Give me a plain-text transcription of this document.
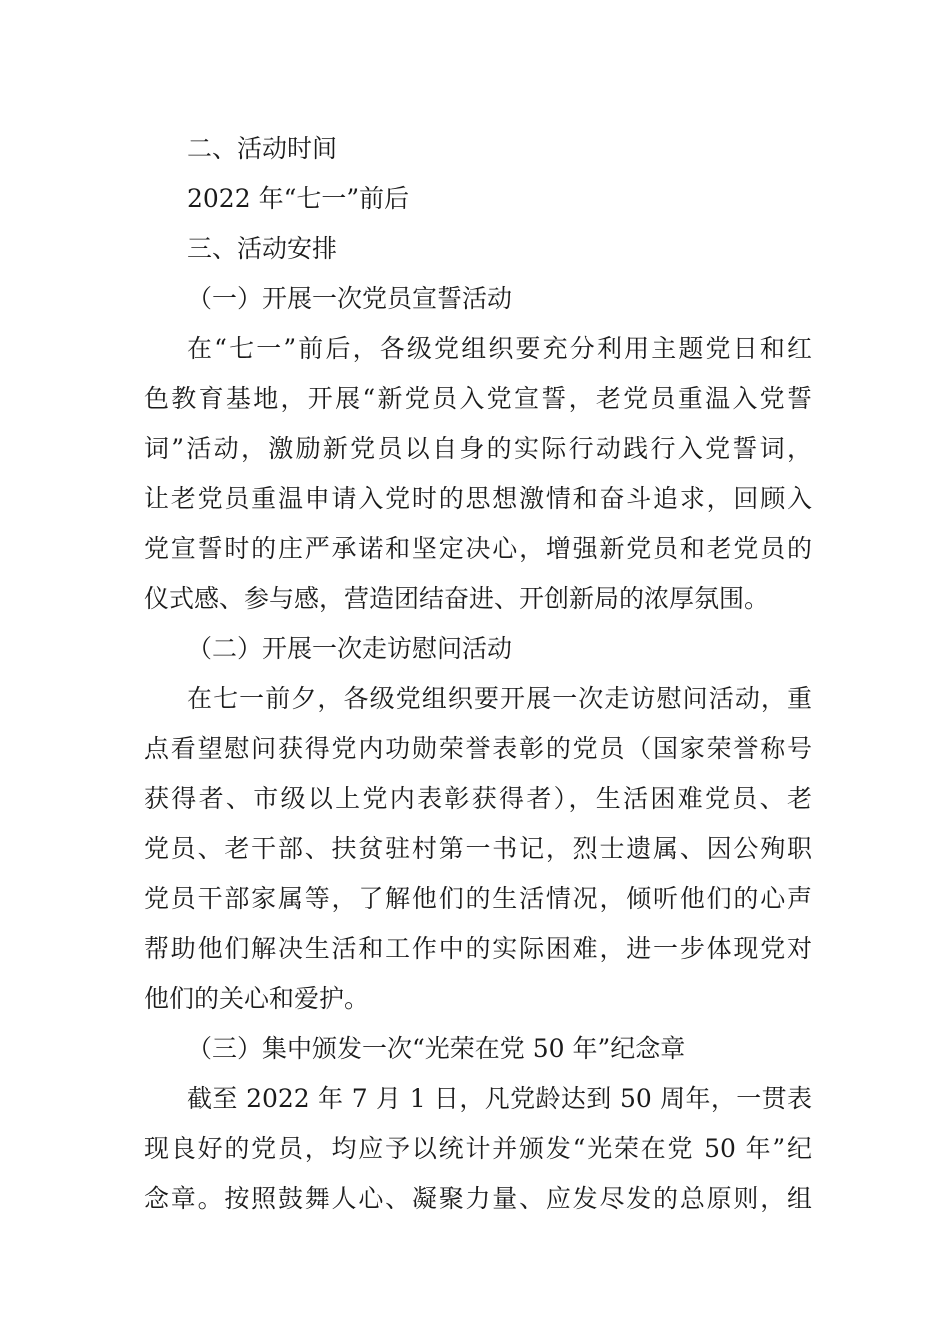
二、活动时间
2022 年“七一”前后
三、活动安排
（一）开展一次党员宣誓活动
在“七一”前后，各级党组织要充分利用主题党日和红
色教育基地，开展“新党员入党宣誓，老党员重温入党誓
词”活动，激励新党员以自身的实际行动践行入党誓词，
让老党员重温申请入党时的思想激情和奋斗追求，回顾入
党宣誓时的庄严承诺和坚定决心，增强新党员和老党员的
仪式感、参与感，营造团结奋进、开创新局的浓厚氛围。
（二）开展一次走访慰问活动
在七一前夕，各级党组织要开展一次走访慰问活动，重
点看望慰问获得党内功勋荣誉表彰的党员（国家荣誉称号
获得者、市级以上党内表彰获得者），生活困难党员、老
党员、老干部、扶贫驻村第一书记，烈士遗属、因公殉职
党员干部家属等，了解他们的生活情况，倾听他们的心声
帮助他们解决生活和工作中的实际困难，进一步体现党对
他们的关心和爱护。
（三）集中颁发一次“光荣在党 50 年”纪念章
截至 2022 年 7 月 1 日，凡党龄达到 50 周年，一贯表
现良好的党员，均应予以统计并颁发“光荣在党 50 年”纪
念章。按照鼓舞人心、凝聚力量、应发尽发的总原则，组
